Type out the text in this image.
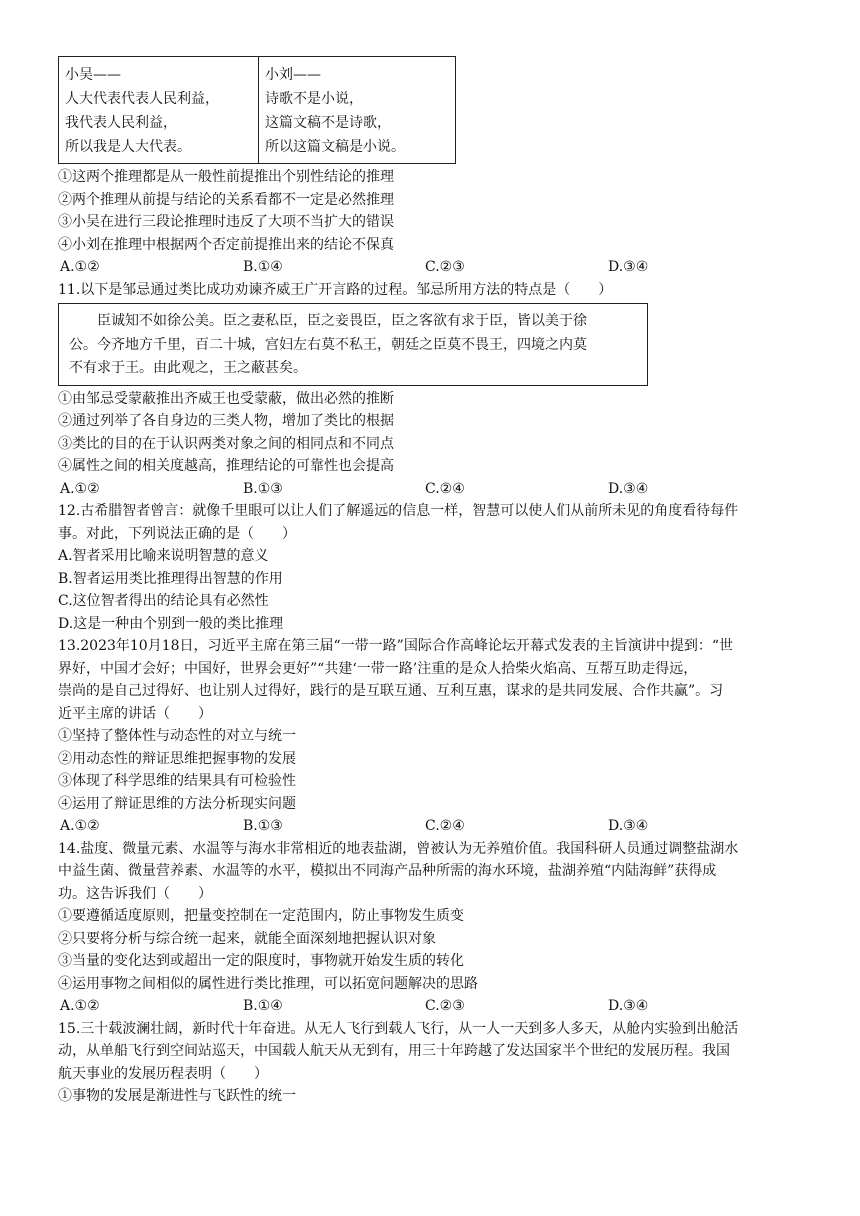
小吴——
人大代表代表人民利益，
我代表人民利益，
所以我是人大代表。

小刘——
诗歌不是小说，
这篇文稿不是诗歌，
所以这篇文稿是小说。
①这两个推理都是从一般性前提推出个别性结论的推理
②两个推理从前提与结论的关系看都不一定是必然推理
③小吴在进行三段论推理时违反了大项不当扩大的错误
④小刘在推理中根据两个否定前提推出来的结论不保真
A.①②	B.①④	C.②③	D.③④
11.以下是邹忌通过类比成功劝谏齐威王广开言路的过程。邹忌所用方法的特点是（　　）
　　臣诚知不如徐公美。臣之妻私臣，臣之妾畏臣，臣之客欲有求于臣，皆以美于徐
公。今齐地方千里，百二十城，宫妇左右莫不私王，朝廷之臣莫不畏王，四境之内莫
不有求于王。由此观之，王之蔽甚矣。
①由邹忌受蒙蔽推出齐威王也受蒙蔽，做出必然的推断
②通过列举了各自身边的三类人物，增加了类比的根据
③类比的目的在于认识两类对象之间的相同点和不同点
④属性之间的相关度越高，推理结论的可靠性也会提高
A.①②	B.①③	C.②④	D.③④
12.古希腊智者曾言：就像千里眼可以让人们了解遥远的信息一样，智慧可以使人们从前所未见的角度看待每件
事。对此，下列说法正确的是（　　）
A.智者采用比喻来说明智慧的意义
B.智者运用类比推理得出智慧的作用
C.这位智者得出的结论具有必然性
D.这是一种由个别到一般的类比推理
13.2023年10月18日，习近平主席在第三届“一带一路”国际合作高峰论坛开幕式发表的主旨演讲中提到：“世
界好，中国才会好；中国好，世界会更好”“共建‘一带一路’注重的是众人拾柴火焰高、互帮互助走得远，
崇尚的是自己过得好、也让别人过得好，践行的是互联互通、互利互惠，谋求的是共同发展、合作共赢”。习
近平主席的讲话（　　）
①坚持了整体性与动态性的对立与统一
②用动态性的辩证思维把握事物的发展
③体现了科学思维的结果具有可检验性
④运用了辩证思维的方法分析现实问题
A.①②	B.①③	C.②④	D.③④
14.盐度、微量元素、水温等与海水非常相近的地表盐湖，曾被认为无养殖价值。我国科研人员通过调整盐湖水
中益生菌、微量营养素、水温等的水平，模拟出不同海产品种所需的海水环境，盐湖养殖“内陆海鲜”获得成
功。这告诉我们（　　）
①要遵循适度原则，把量变控制在一定范围内，防止事物发生质变
②只要将分析与综合统一起来，就能全面深刻地把握认识对象
③当量的变化达到或超出一定的限度时，事物就开始发生质的转化
④运用事物之间相似的属性进行类比推理，可以拓宽问题解决的思路
A.①②	B.①④	C.②③	D.③④
15.三十载波澜壮阔，新时代十年奋进。从无人飞行到载人飞行，从一人一天到多人多天，从舱内实验到出舱活
动，从单船飞行到空间站巡天，中国载人航天从无到有，用三十年跨越了发达国家半个世纪的发展历程。我国
航天事业的发展历程表明（　　）
①事物的发展是渐进性与飞跃性的统一
